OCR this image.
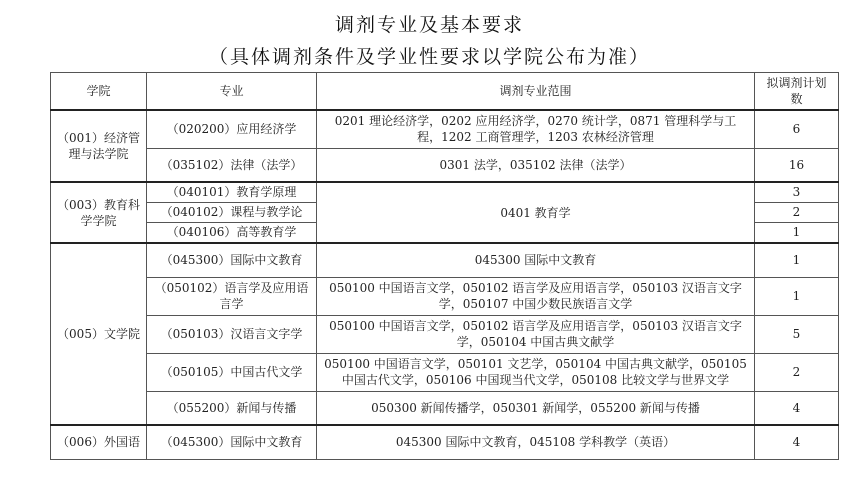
调剂专业及基本要求
（具体调剂条件及学业性要求以学院公布为准）
学院	专业	调剂专业范围	拟调剂计划数
（001）经济管理与法学院	（020200）应用经济学	0201 理论经济学，0202 应用经济学，0270 统计学，0871 管理科学与工程，1202 工商管理学，1203 农林经济管理	6
	（035102）法律（法学）	0301 法学，035102 法律（法学）	16
（003）教育科学学院	（040101）教育学原理	0401 教育学	3
	（040102）课程与教学论		2
	（040106）高等教育学		1
（005）文学院	（045300）国际中文教育	045300 国际中文教育	1
	（050102）语言学及应用语言学	050100 中国语言文学，050102 语言学及应用语言学，050103 汉语言文字学，050107 中国少数民族语言文学	1
	（050103）汉语言文字学	050100 中国语言文学，050102 语言学及应用语言学，050103 汉语言文字学，050104 中国古典文献学	5
	（050105）中国古代文学	050100 中国语言文学，050101 文艺学，050104 中国古典文献学，050105 中国古代文学，050106 中国现当代文学，050108 比较文学与世界文学	2
	（055200）新闻与传播	050300 新闻传播学，050301 新闻学，055200 新闻与传播	4
（006）外国语	（045300）国际中文教育	045300 国际中文教育，045108 学科教学（英语）	4
